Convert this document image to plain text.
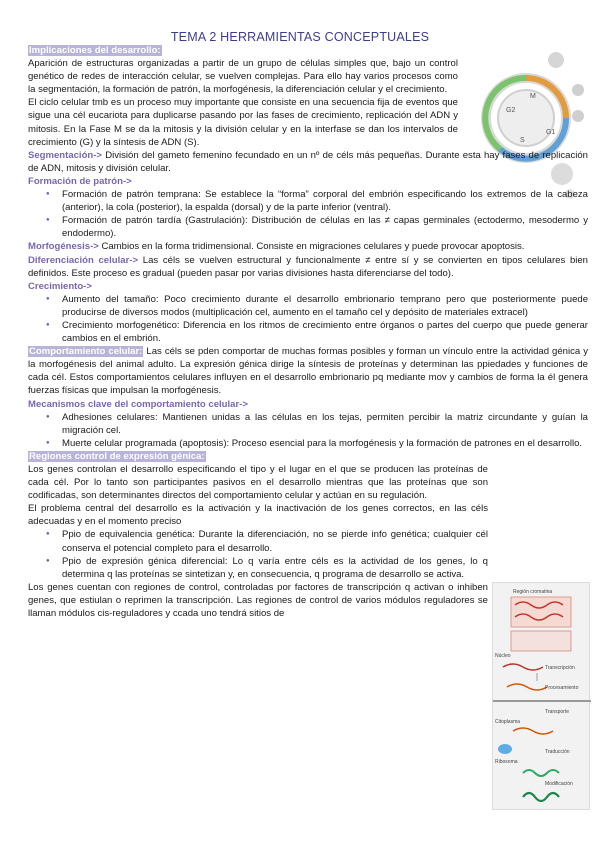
TEMA 2 HERRAMIENTAS CONCEPTUALES
M
G1
S
G2
Región cromatina
Núcleo
Transcripción
Procesamiento
Transporte
Citoplasma
Ribosoma
Traducción
Modificación
Implicaciones del desarrollo:

Aparición de estructuras organizadas a partir de un grupo de células simples que, bajo un control genético de redes de interacción celular, se vuelven complejas. Para ello hay varios procesos como la segmentación, la formación de patrón, la morfogénesis, la diferenciación celular y el crecimiento.

El ciclo celular tmb es un proceso muy importante que consiste en una secuencia fija de eventos que sigue una cél eucariota para duplicarse pasando por las fases de crecimiento, replicación del ADN y mitosis. En la Fase M se da la mitosis y la división celular y en la interfase se dan los intervalos de crecimiento (G) y la síntesis de ADN (S).

Segmentación-> División del gameto femenino fecundado en un nº de céls más pequeñas. Durante esta hay fases de replicación de ADN, mitosis y división celular.

Formación de patrón->
● Formación de patrón temprana: Se establece la “forma” corporal del embrión especificando los extremos de la cabeza (anterior), la cola (posterior), la espalda (dorsal) y de la parte inferior (ventral).
● Formación de patrón tardía (Gastrulación): Distribución de células en las ≠ capas germinales (ectodermo, mesodermo y endodermo).

Morfogénesis-> Cambios en la forma tridimensional. Consiste en migraciones celulares y puede provocar apoptosis.

Diferenciación celular-> Las céls se vuelven estructural y funcionalmente ≠ entre sí y se convierten en tipos celulares bien definidos. Este proceso es gradual (pueden pasar por varias divisiones hasta diferenciarse del todo).

Crecimiento->
● Aumento del tamaño: Poco crecimiento durante el desarrollo embrionario temprano pero que posteriormente puede producirse de diversos modos (multiplicación cel, aumento en el tamaño cel y depósito de materiales extracel)
● Crecimiento morfogenético: Diferencia en los ritmos de crecimiento entre órganos o partes del cuerpo que puede generar cambios en el embrión.

Comportamiento celular: Las céls se pden comportar de muchas formas posibles y forman un vínculo entre la actividad génica y la morfogénesis del animal adulto. La expresión génica dirige la síntesis de proteínas y determinan las ppiedades y funciones de cada cél. Estos comportamientos celulares influyen en el desarrollo embrionario pq mediante mov y cambios de forma la él genera fuerzas físicas que impulsan la morfogénesis.

Mecanismos clave del comportamiento celular->
● Adhesiones celulares: Mantienen unidas a las células en los tejas, permiten percibir la matriz circundante y guían la migración cel.
● Muerte celular programada (apoptosis): Proceso esencial para la morfogénesis y la formación de patrones en el desarrollo.
Regiones control de expresión génica:

Los genes controlan el desarrollo especificando el tipo y el lugar en el que se producen las proteínas de cada cél. Por lo tanto son participantes pasivos en el desarrollo mientras que las proteínas que son codificadas, son determinantes directos del comportamiento celular y actúan en su regulación.

El problema central del desarrollo es la activación y la inactivación de los genes correctos, en las céls adecuadas y en el momento preciso

● Ppio de equivalencia genética: Durante la diferenciación, no se pierde info genética; cualquier cél conserva el potencial completo para el desarrollo.
● Ppio de expresión génica diferencial: Lo q varía entre céls es la actividad de los genes, lo q determina q las proteínas se sintetizan y, en consecuencia, q programa de desarrollo se activa.

Los genes cuentan con regiones de control, controladas por factores de transcripción q activan o inhiben genes, que estiulan o reprimen la transcripción. Las regiones de control de varios módulos reguladores se llaman módulos cis-reguladores y ccada uno tendrá sitios de
